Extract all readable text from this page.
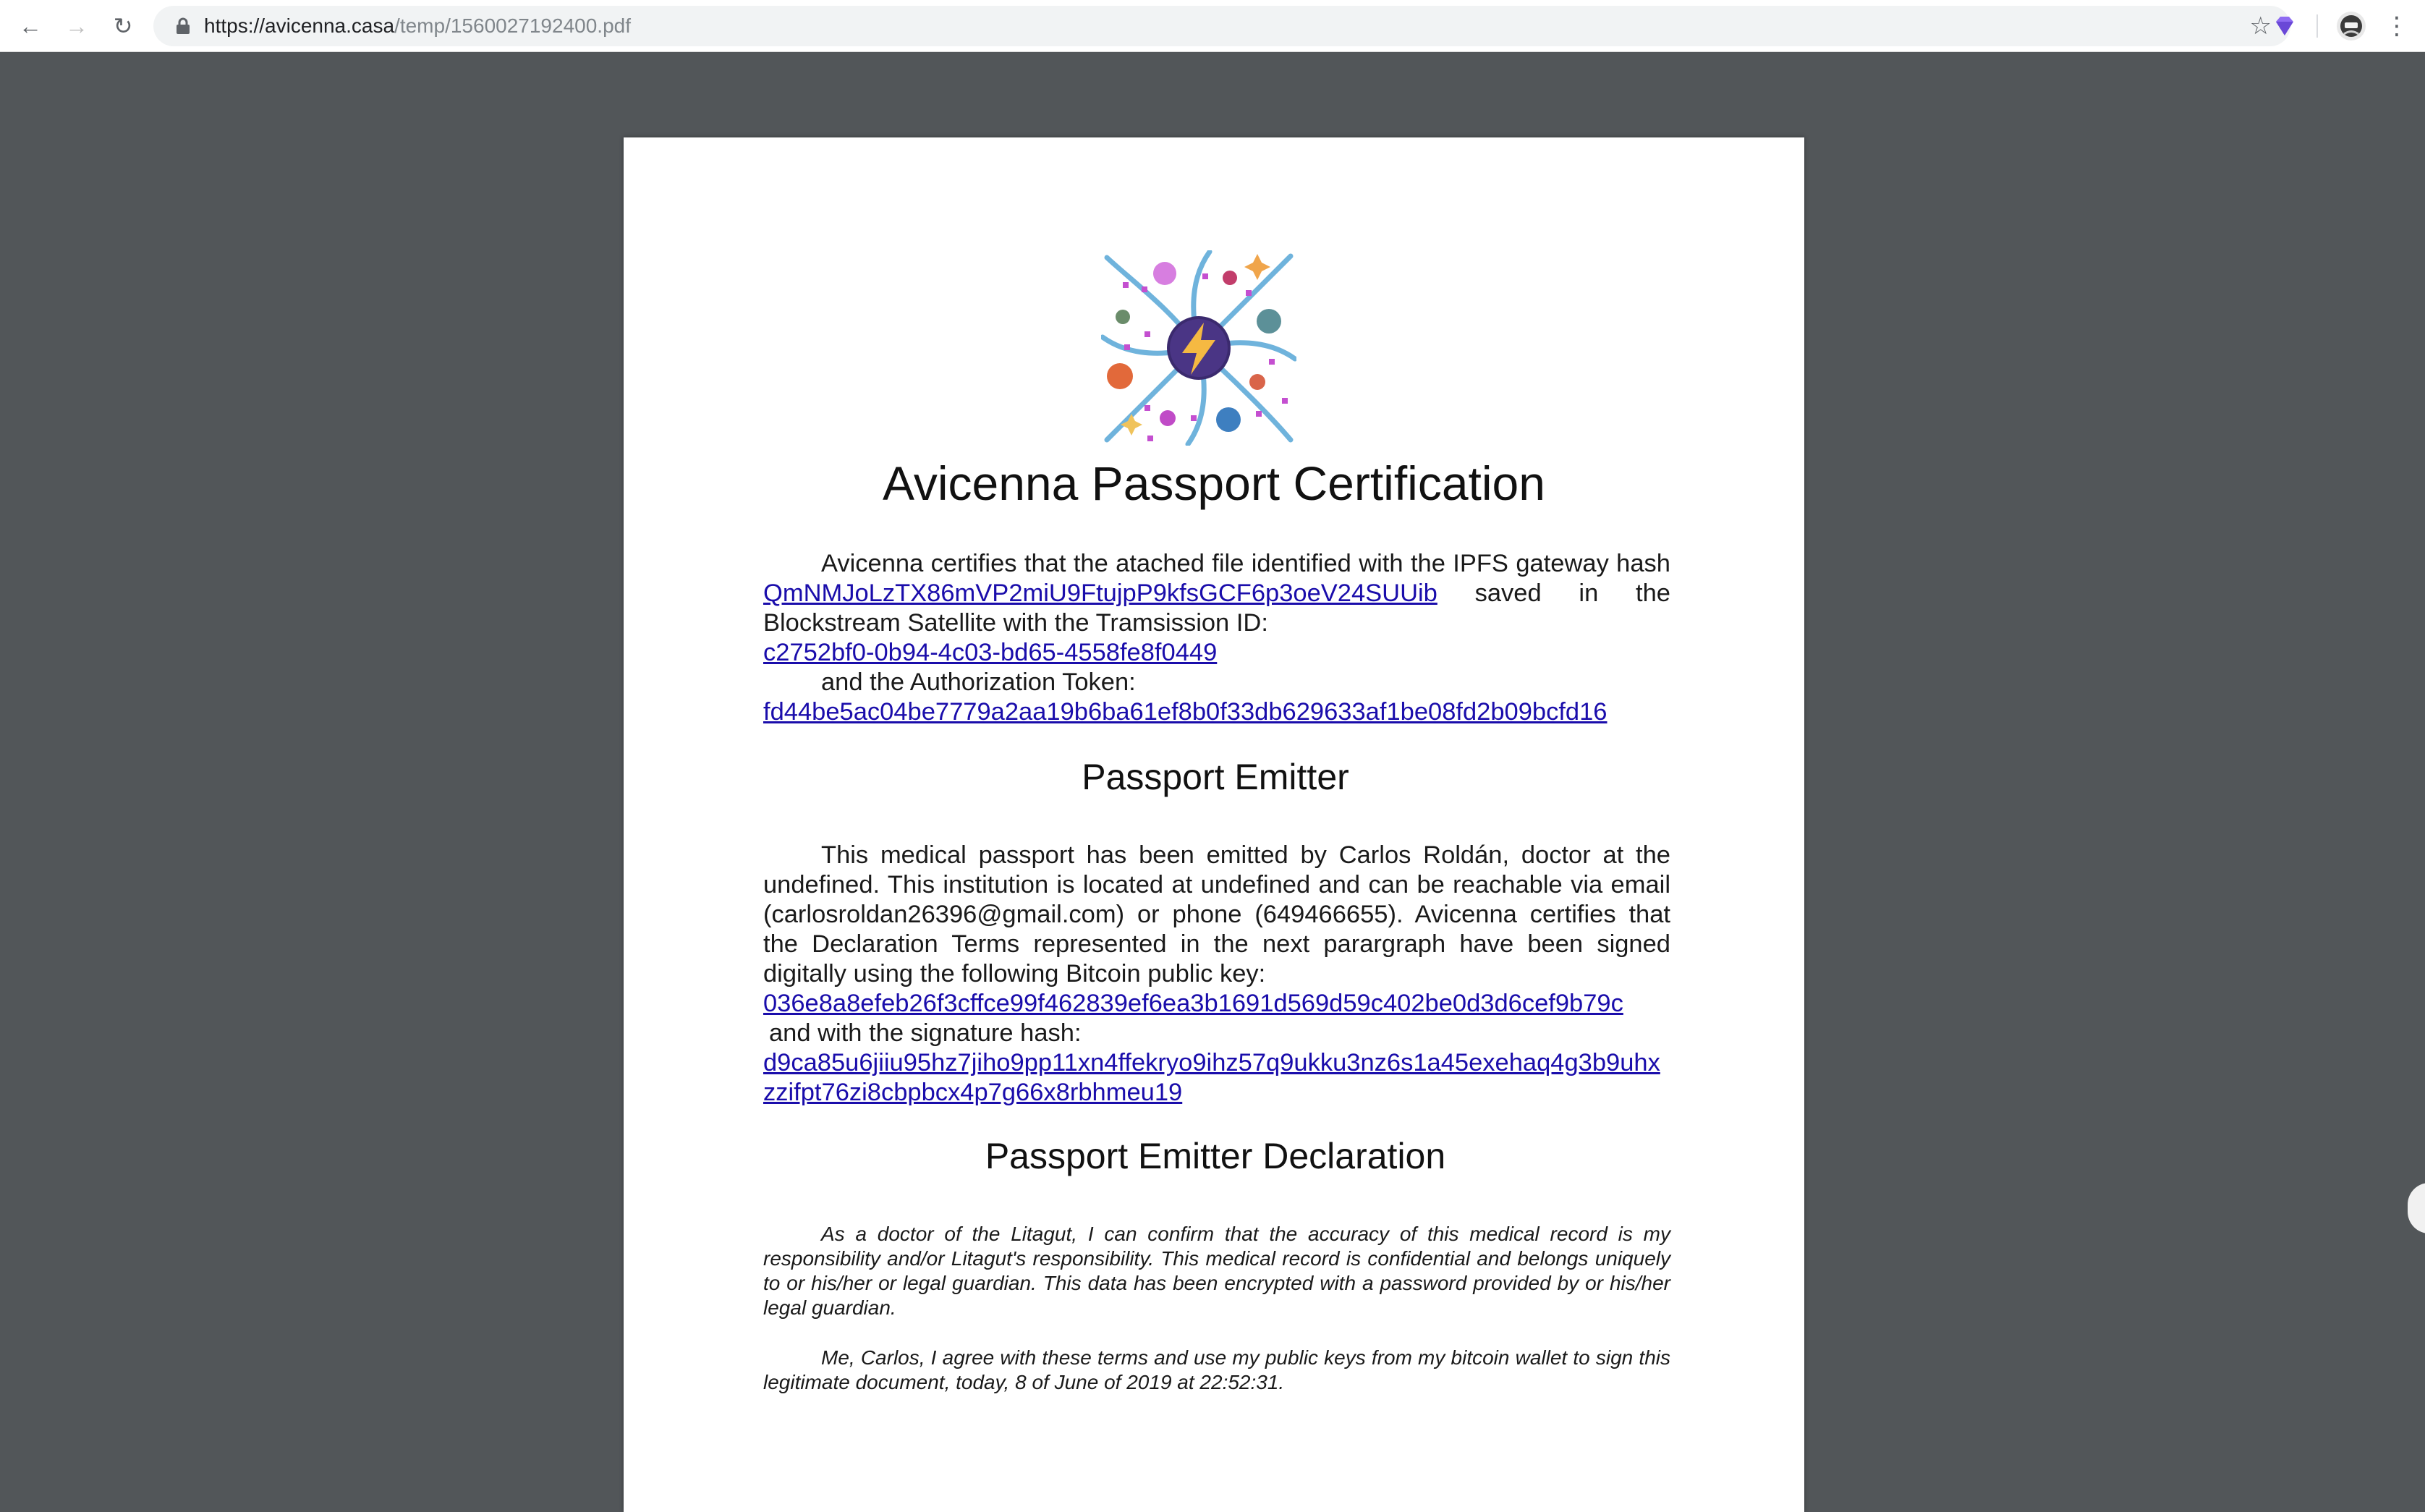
← → ↻	https://avicenna.casa/temp/1560027192400.pdf	☆	⋮
Avicenna Passport Certification
Avicenna certifies that the atached file identified with the IPFS gateway hash QmNMJoLzTX86mVP2miU9FtujpP9kfsGCF6p3oeV24SUUib saved in the Blockstream Satellite with the Tramsission ID:
c2752bf0-0b94-4c03-bd65-4558fe8f0449
and the Authorization Token:
fd44be5ac04be7779a2aa19b6ba61ef8b0f33db629633af1be08fd2b09bcfd16
Passport Emitter
This medical passport has been emitted by Carlos Roldán, doctor at the undefined. This institution is located at undefined and can be reachable via email (carlosroldan26396@gmail.com) or phone (649466655). Avicenna certifies that the Declaration Terms represented in the next parargraph have been signed digitally using the following Bitcoin public key:
036e8a8efeb26f3cffce99f462839ef6ea3b1691d569d59c402be0d3d6cef9b79c
and with the signature hash:
d9ca85u6jiiu95hz7jiho9pp11xn4ffekryo9ihz57q9ukku3nz6s1a45exehaq4g3b9uhxzzifpt76zi8cbpbcx4p7g66x8rbhmeu19
Passport Emitter Declaration
As a doctor of the Litagut, I can confirm that the accuracy of this medical record is my responsibility and/or Litagut's responsibility. This medical record is confidential and belongs uniquely to or his/her or legal guardian. This data has been encrypted with a password provided by or his/her legal guardian.
Me, Carlos, I agree with these terms and use my public keys from my bitcoin wallet to sign this legitimate document, today, 8 of June of 2019 at 22:52:31.
